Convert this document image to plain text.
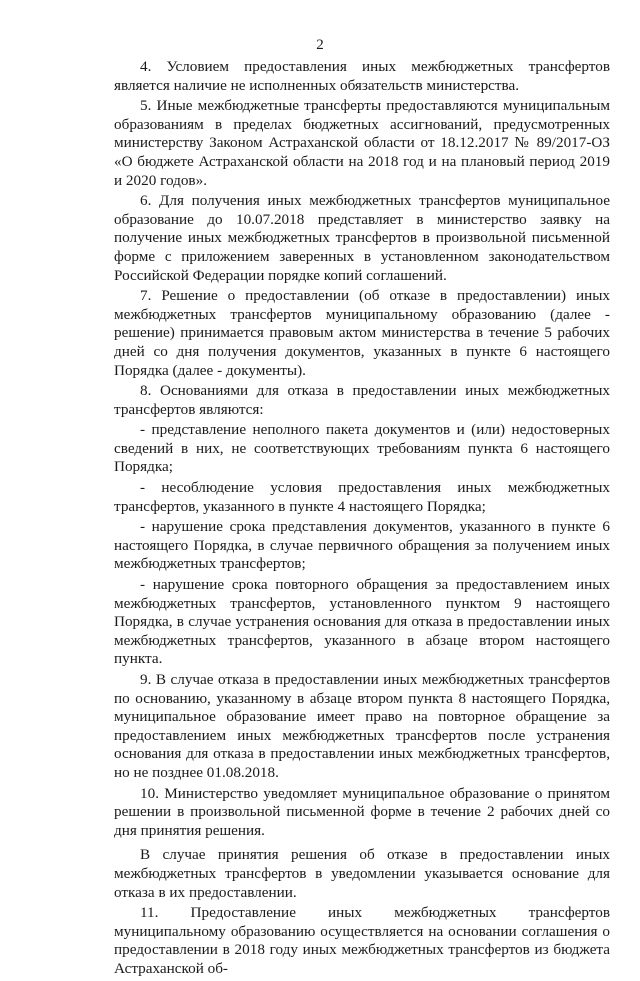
2

4. Условием предоставления иных межбюджетных трансфертов является наличие не исполненных обязательств министерства.

5. Иные межбюджетные трансферты предоставляются муниципальным образованиям в пределах бюджетных ассигнований, предусмотренных министерству Законом Астраханской области от 18.12.2017 № 89/2017-ОЗ «О бюджете Астраханской области на 2018 год и на плановый период 2019 и 2020 годов».

6. Для получения иных межбюджетных трансфертов муниципальное образование до 10.07.2018 представляет в министерство заявку на получение иных межбюджетных трансфертов в произвольной письменной форме с приложением заверенных в установленном законодательством Российской Федерации порядке копий соглашений.

7. Решение о предоставлении (об отказе в предоставлении) иных межбюджетных трансфертов муниципальному образованию (далее - решение) принимается правовым актом министерства в течение 5 рабочих дней со дня получения документов, указанных в пункте 6 настоящего Порядка (далее - документы).

8. Основаниями для отказа в предоставлении иных межбюджетных трансфертов являются:

- представление неполного пакета документов и (или) недостоверных сведений в них, не соответствующих требованиям пункта 6 настоящего Порядка;

- несоблюдение условия предоставления иных межбюджетных трансфертов, указанного в пункте 4 настоящего Порядка;

- нарушение срока представления документов, указанного в пункте 6 настоящего Порядка, в случае первичного обращения за получением иных межбюджетных трансфертов;

- нарушение срока повторного обращения за предоставлением иных межбюджетных трансфертов, установленного пунктом 9 настоящего Порядка, в случае устранения основания для отказа в предоставлении иных межбюджетных трансфертов, указанного в абзаце втором настоящего пункта.

9. В случае отказа в предоставлении иных межбюджетных трансфертов по основанию, указанному в абзаце втором пункта 8 настоящего Порядка, муниципальное образование имеет право на повторное обращение за предоставлением иных межбюджетных трансфертов после устранения основания для отказа в предоставлении иных межбюджетных трансфертов, но не позднее 01.08.2018.

10. Министерство уведомляет муниципальное образование о принятом решении в произвольной письменной форме в течение 2 рабочих дней со дня принятия решения.

В случае принятия решения об отказе в предоставлении иных межбюджетных трансфертов в уведомлении указывается основание для отказа в их предоставлении.

11. Предоставление иных межбюджетных трансфертов муниципальному образованию осуществляется на основании соглашения о предоставлении в 2018 году иных межбюджетных трансфертов из бюджета Астраханской об-
